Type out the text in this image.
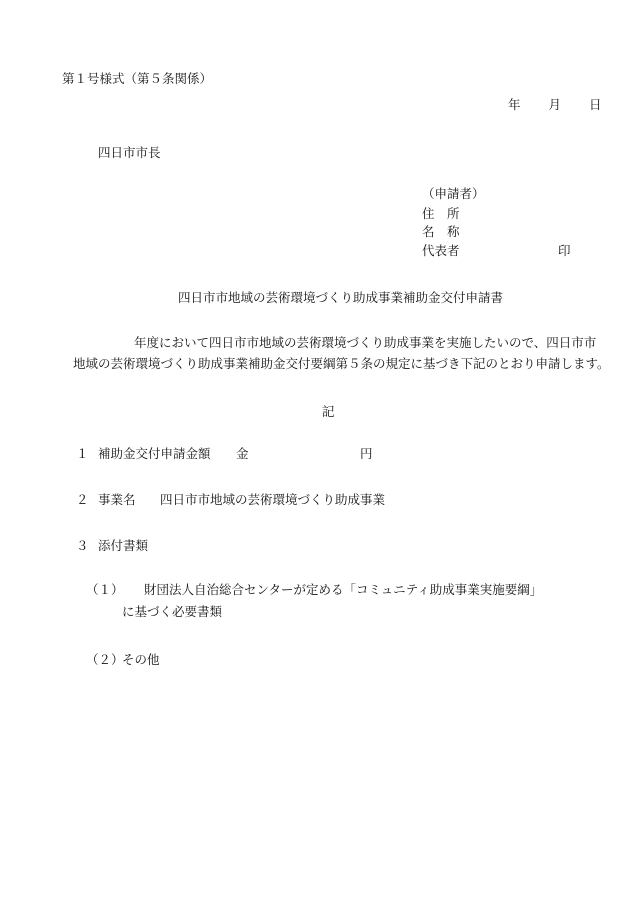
第１号様式（第５条関係）
年 月 日
四日市市長
（申請者）
住　所
名　称
代表者	印
四日市市地域の芸術環境づくり助成事業補助金交付申請書
年度において四日市市地域の芸術環境づくり助成事業を実施したいので、四日市市
地域の芸術環境づくり助成事業補助金交付要綱第５条の規定に基づき下記のとおり申請します。
記
１ 補助金交付申請金額 金	円
２ 事業名 四日市市地域の芸術環境づくり助成事業
３ 添付書類
（１） 財団法人自治総合センターが定める「コミュニティ助成事業実施要綱」
に基づく必要書類
（２）
その他
